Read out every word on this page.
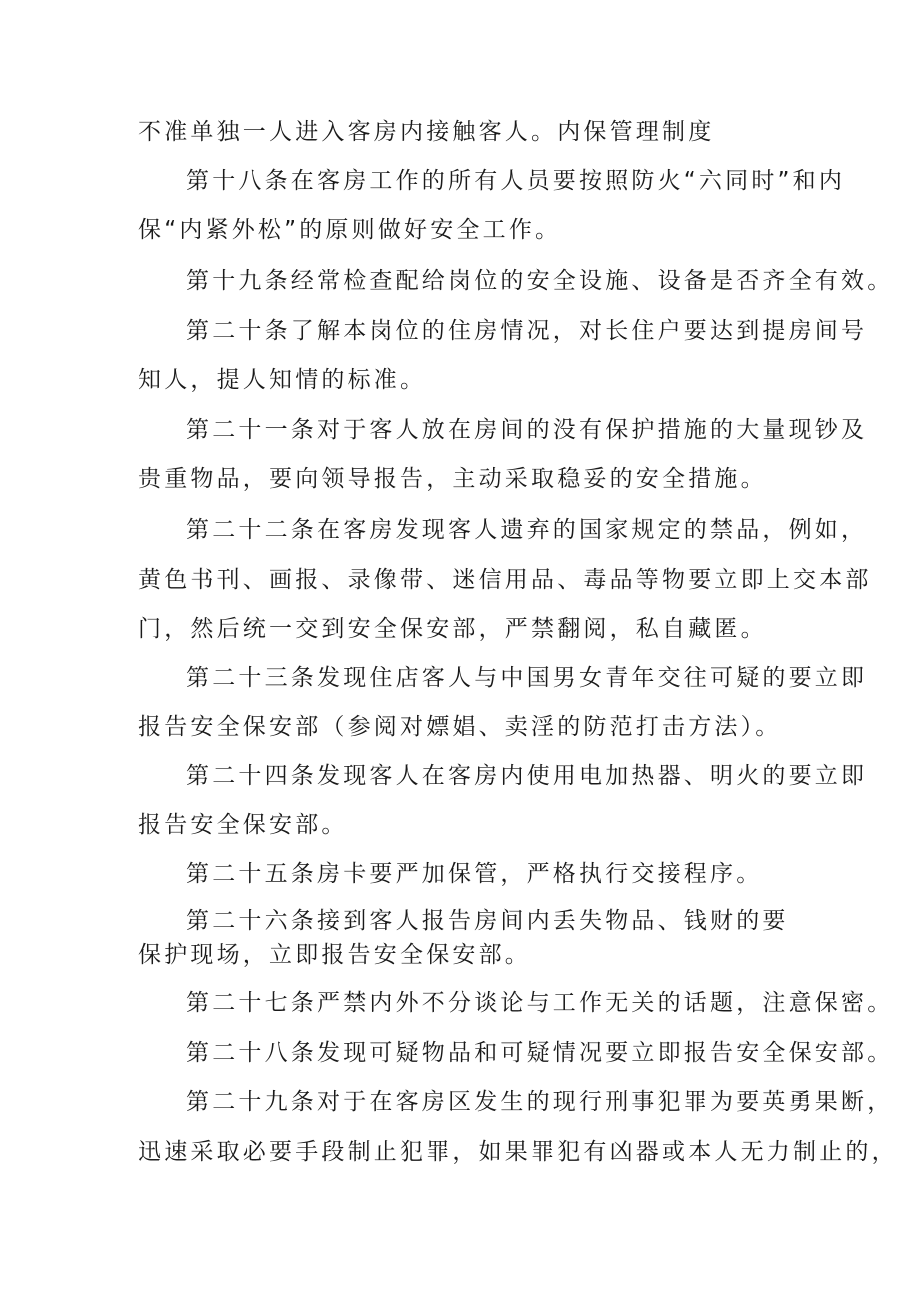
不准单独一人进入客房内接触客人。内保管理制度
第十八条在客房工作的所有人员要按照防火“六同时”和内
保“内紧外松”的原则做好安全工作。
第十九条经常检查配给岗位的安全设施、设备是否齐全有效。
第二十条了解本岗位的住房情况，对长住户要达到提房间号
知人，提人知情的标准。
第二十一条对于客人放在房间的没有保护措施的大量现钞及
贵重物品，要向领导报告，主动采取稳妥的安全措施。
第二十二条在客房发现客人遗弃的国家规定的禁品，例如，
黄色书刊、画报、录像带、迷信用品、毒品等物要立即上交本部
门，然后统一交到安全保安部，严禁翻阅，私自藏匿。
第二十三条发现住店客人与中国男女青年交往可疑的要立即
报告安全保安部（参阅对嫖娼、卖淫的防范打击方法）。
第二十四条发现客人在客房内使用电加热器、明火的要立即
报告安全保安部。
第二十五条房卡要严加保管，严格执行交接程序。
第二十六条接到客人报告房间内丢失物品、钱财的要
保护现场，立即报告安全保安部。
第二十七条严禁内外不分谈论与工作无关的话题，注意保密。
第二十八条发现可疑物品和可疑情况要立即报告安全保安部。
第二十九条对于在客房区发生的现行刑事犯罪为要英勇果断，
迅速采取必要手段制止犯罪，如果罪犯有凶器或本人无力制止的，
